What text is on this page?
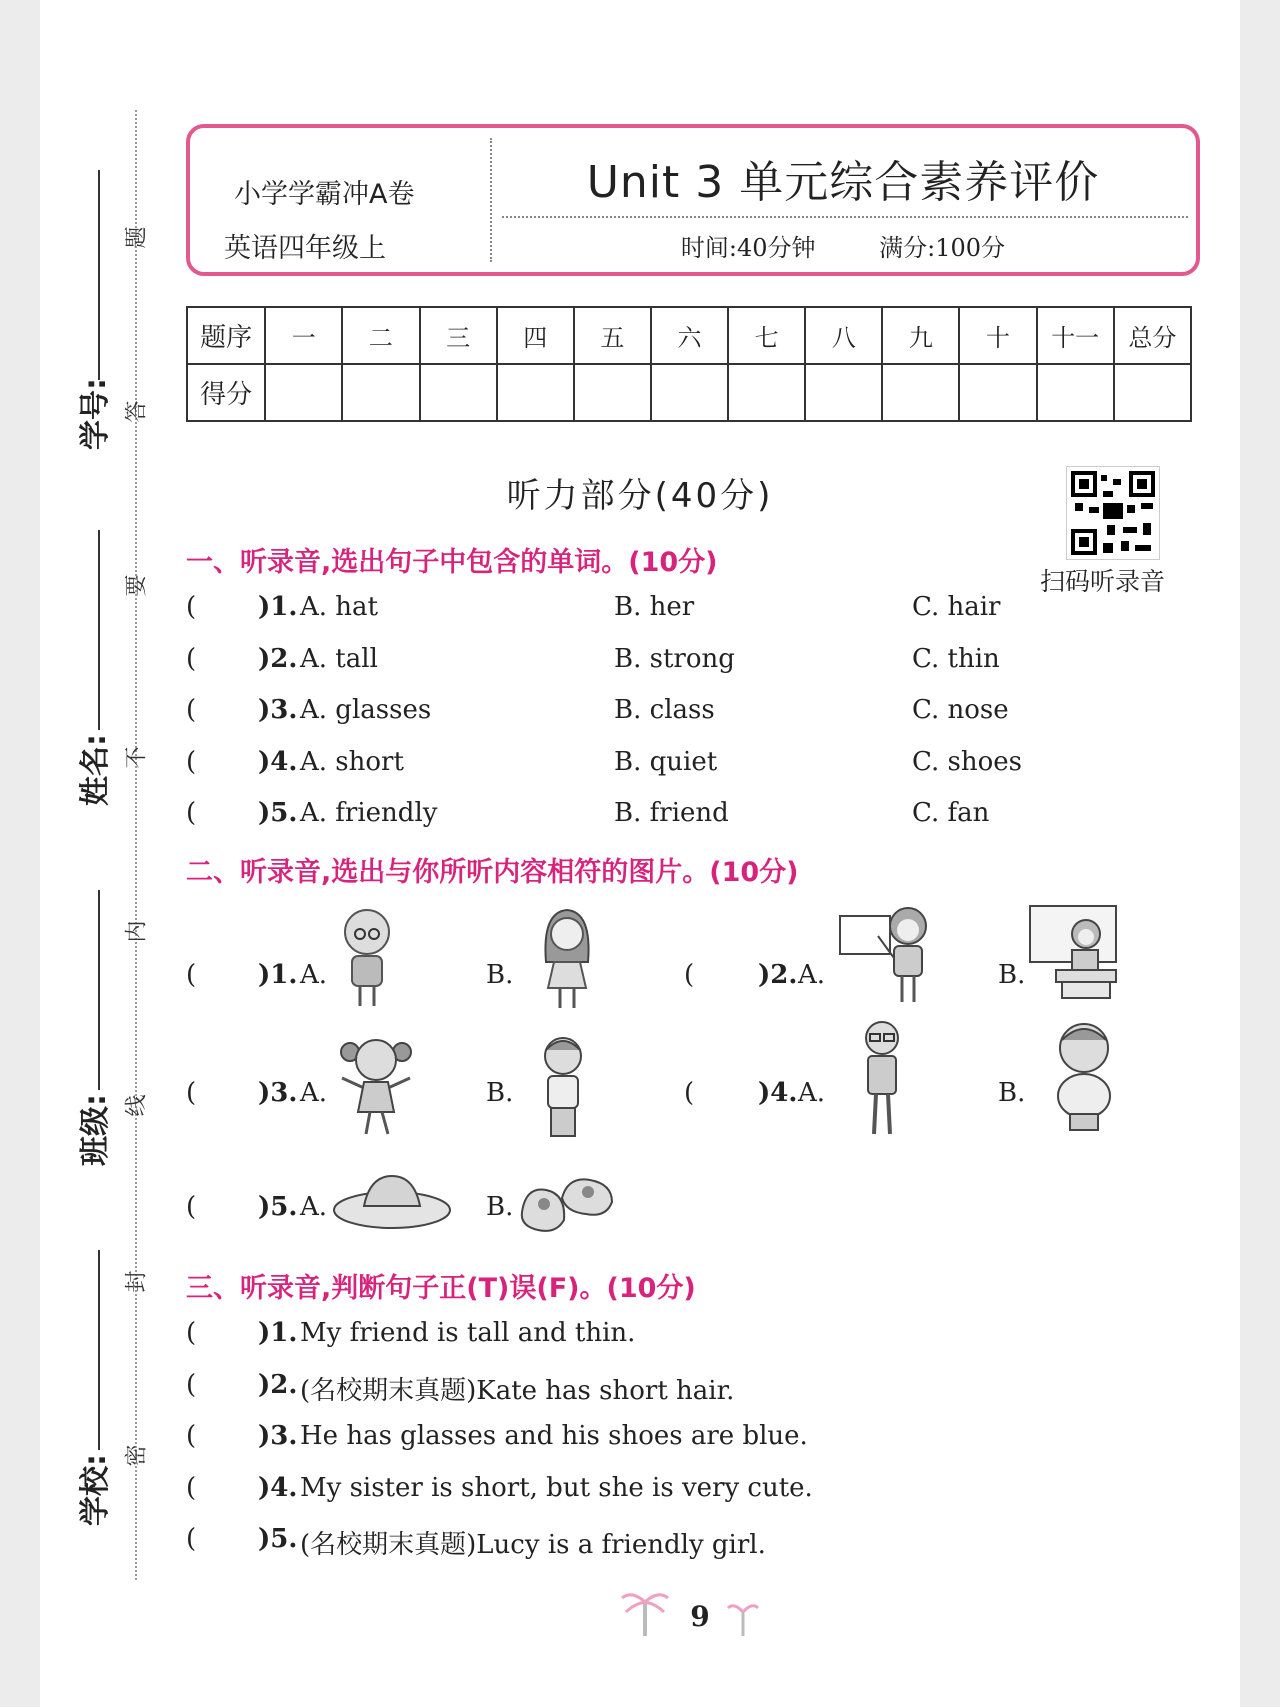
题
答
要
不
内
线
封
密
学号:
姓名:
班级:
学校:
小学学霸冲A卷
英语四年级上
Unit 3 单元综合素养评价
时间:40分钟	满分:100分
题序	一	二	三	四	五	六	七	八	九	十	十一	总分
得分												
听力部分(40分)
扫码听录音
一、听录音,选出句子中包含的单词。(10分)
( )1. A. hat	B. her	C. hair
( )2. A. tall	B. strong	C. thin
( )3. A. glasses	B. class	C. nose
( )4. A. short	B. quiet	C. shoes
( )5. A. friendly	B. friend	C. fan
二、听录音,选出与你所听内容相符的图片。(10分)
( )1. A.	B.	( )2. A.	B.
( )3. A.	B.	( )4. A.	B.
( )5. A.	B.
三、听录音,判断句子正(T)误(F)。(10分)
( )1. My friend is tall and thin.
( )2. (名校期末真题)Kate has short hair.
( )3. He has glasses and his shoes are blue.
( )4. My sister is short, but she is very cute.
( )5. (名校期末真题)Lucy is a friendly girl.
9
